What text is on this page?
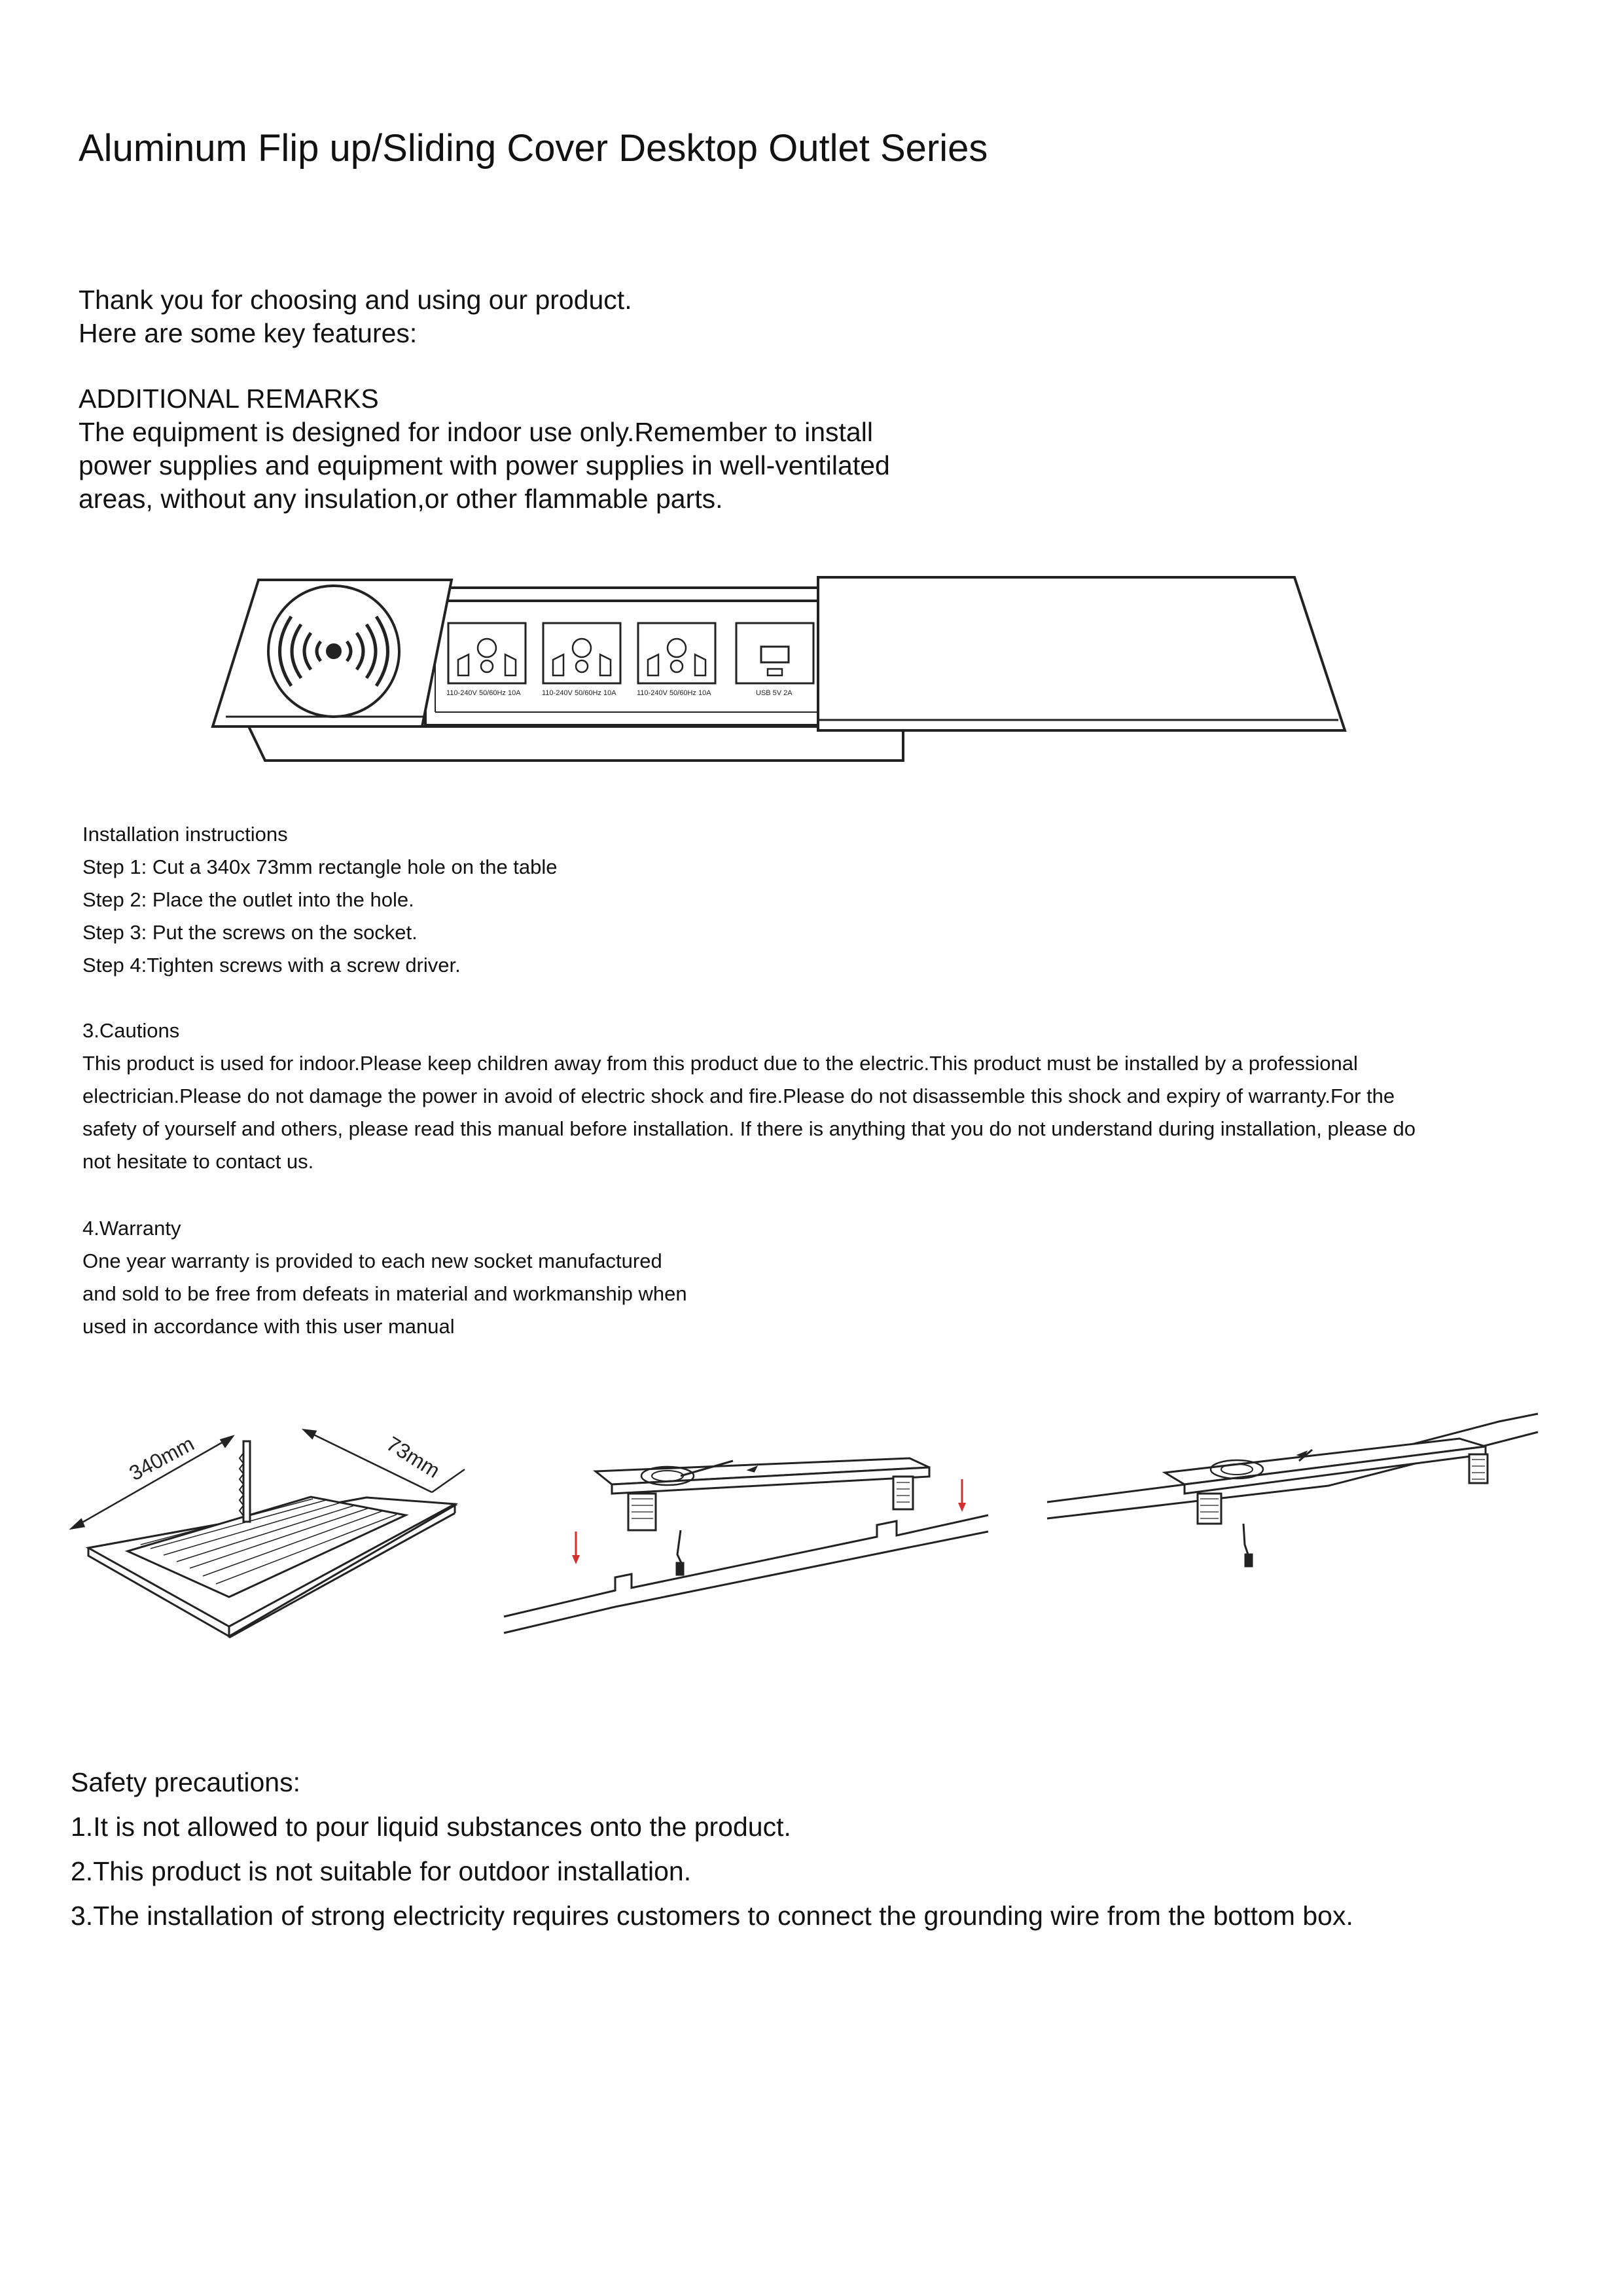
Aluminum Flip up/Sliding Cover Desktop Outlet Series
Thank you for choosing and using our product.
Here are some key features:
ADDITIONAL REMARKS
The equipment is designed for indoor use only.Remember to install
power supplies and equipment with power supplies in well-ventilated
areas, without any insulation,or other flammable parts.
110-240V 50/60Hz 10A	110-240V 50/60Hz 10A	110-240V 50/60Hz 10A	USB 5V 2A
Installation instructions
Step 1: Cut a 340x 73mm rectangle hole on the table
Step 2: Place the outlet into the hole.
Step 3: Put the screws on the socket.
Step 4:Tighten screws with a screw driver.
3.Cautions
This product is used for indoor.Please keep children away from this product due to the electric.This product must be installed by a professional
electrician.Please do not damage the power in avoid of electric shock and fire.Please do not disassemble this shock and expiry of warranty.For the
safety of yourself and others, please read this manual before installation. If there is anything that you do not understand during installation, please do
not hesitate to contact us.
4.Warranty
One year warranty is provided to each new socket manufactured
and sold to be free from defeats in material and workmanship when
used in accordance with this user manual
340mm	73mm
Safety precautions:
1.It is not allowed to pour liquid substances onto the product.
2.This product is not suitable for outdoor installation.
3.The installation of strong electricity requires customers to connect the grounding wire from the bottom box.
